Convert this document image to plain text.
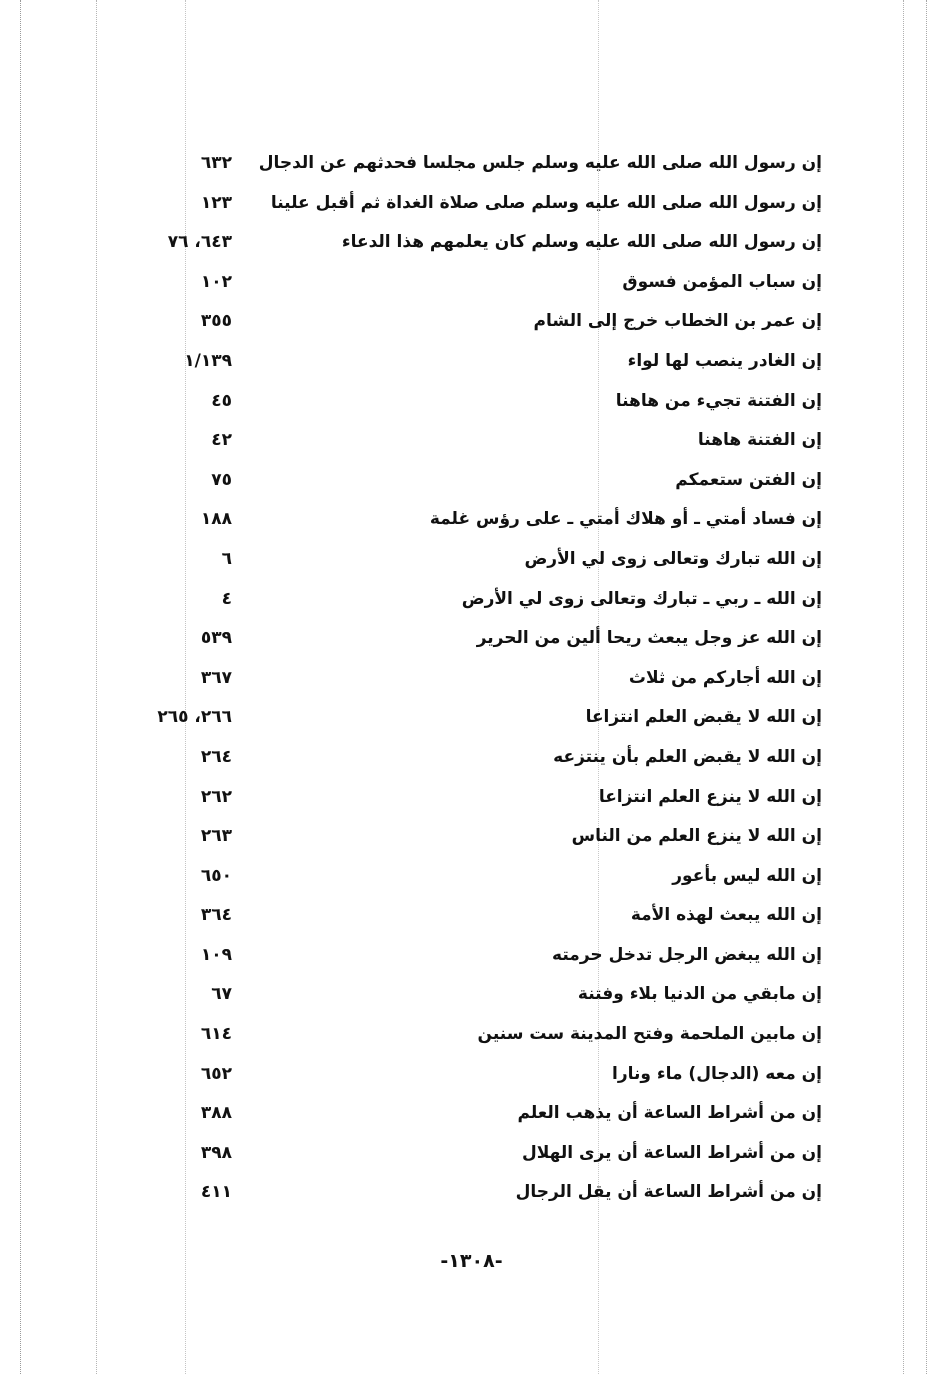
إن رسول الله صلى الله عليه وسلم جلس مجلسا فحدثهم عن الدجال
٦٣٢
إن رسول الله صلى الله عليه وسلم صلى صلاة الغداة ثم أقبل علينا
١٢٣
إن رسول الله صلى الله عليه وسلم كان يعلمهم هذا الدعاء
٦٤٣، ٧٦
إن سباب المؤمن فسوق
١٠٢
إن عمر بن الخطاب خرج إلى الشام
٣٥٥
إن الغادر ينصب لها لواء
١/١٣٩
إن الفتنة تجيء من هاهنا
٤٥
إن الفتنة هاهنا
٤٢
إن الفتن ستعمكم
٧٥
إن فساد أمتي ـ أو هلاك أمتي ـ على رؤس غلمة
١٨٨
إن الله تبارك وتعالى زوى لي الأرض
٦
إن الله ـ ربي ـ تبارك وتعالى زوى لي الأرض
٤
إن الله عز وجل يبعث ريحا ألين من الحرير
٥٣٩
إن الله أجاركم من ثلاث
٣٦٧
إن الله لا يقبض العلم انتزاعا
٢٦٦، ٢٦٥
إن الله لا يقبض العلم بأن ينتزعه
٢٦٤
إن الله لا ينزع العلم انتزاعا
٢٦٢
إن الله لا ينزع العلم من الناس
٢٦٣
إن الله ليس بأعور
٦٥٠
إن الله يبعث لهذه الأمة
٣٦٤
إن الله يبغض الرجل تدخل حرمته
١٠٩
إن مابقي من الدنيا بلاء وفتنة
٦٧
إن مابين الملحمة وفتح المدينة ست سنين
٦١٤
إن معه (الدجال) ماء ونارا
٦٥٢
إن من أشراط الساعة أن يذهب العلم
٣٨٨
إن من أشراط الساعة أن يرى الهلال
٣٩٨
إن من أشراط الساعة أن يقل الرجال
٤١١
-١٣٠٨-
